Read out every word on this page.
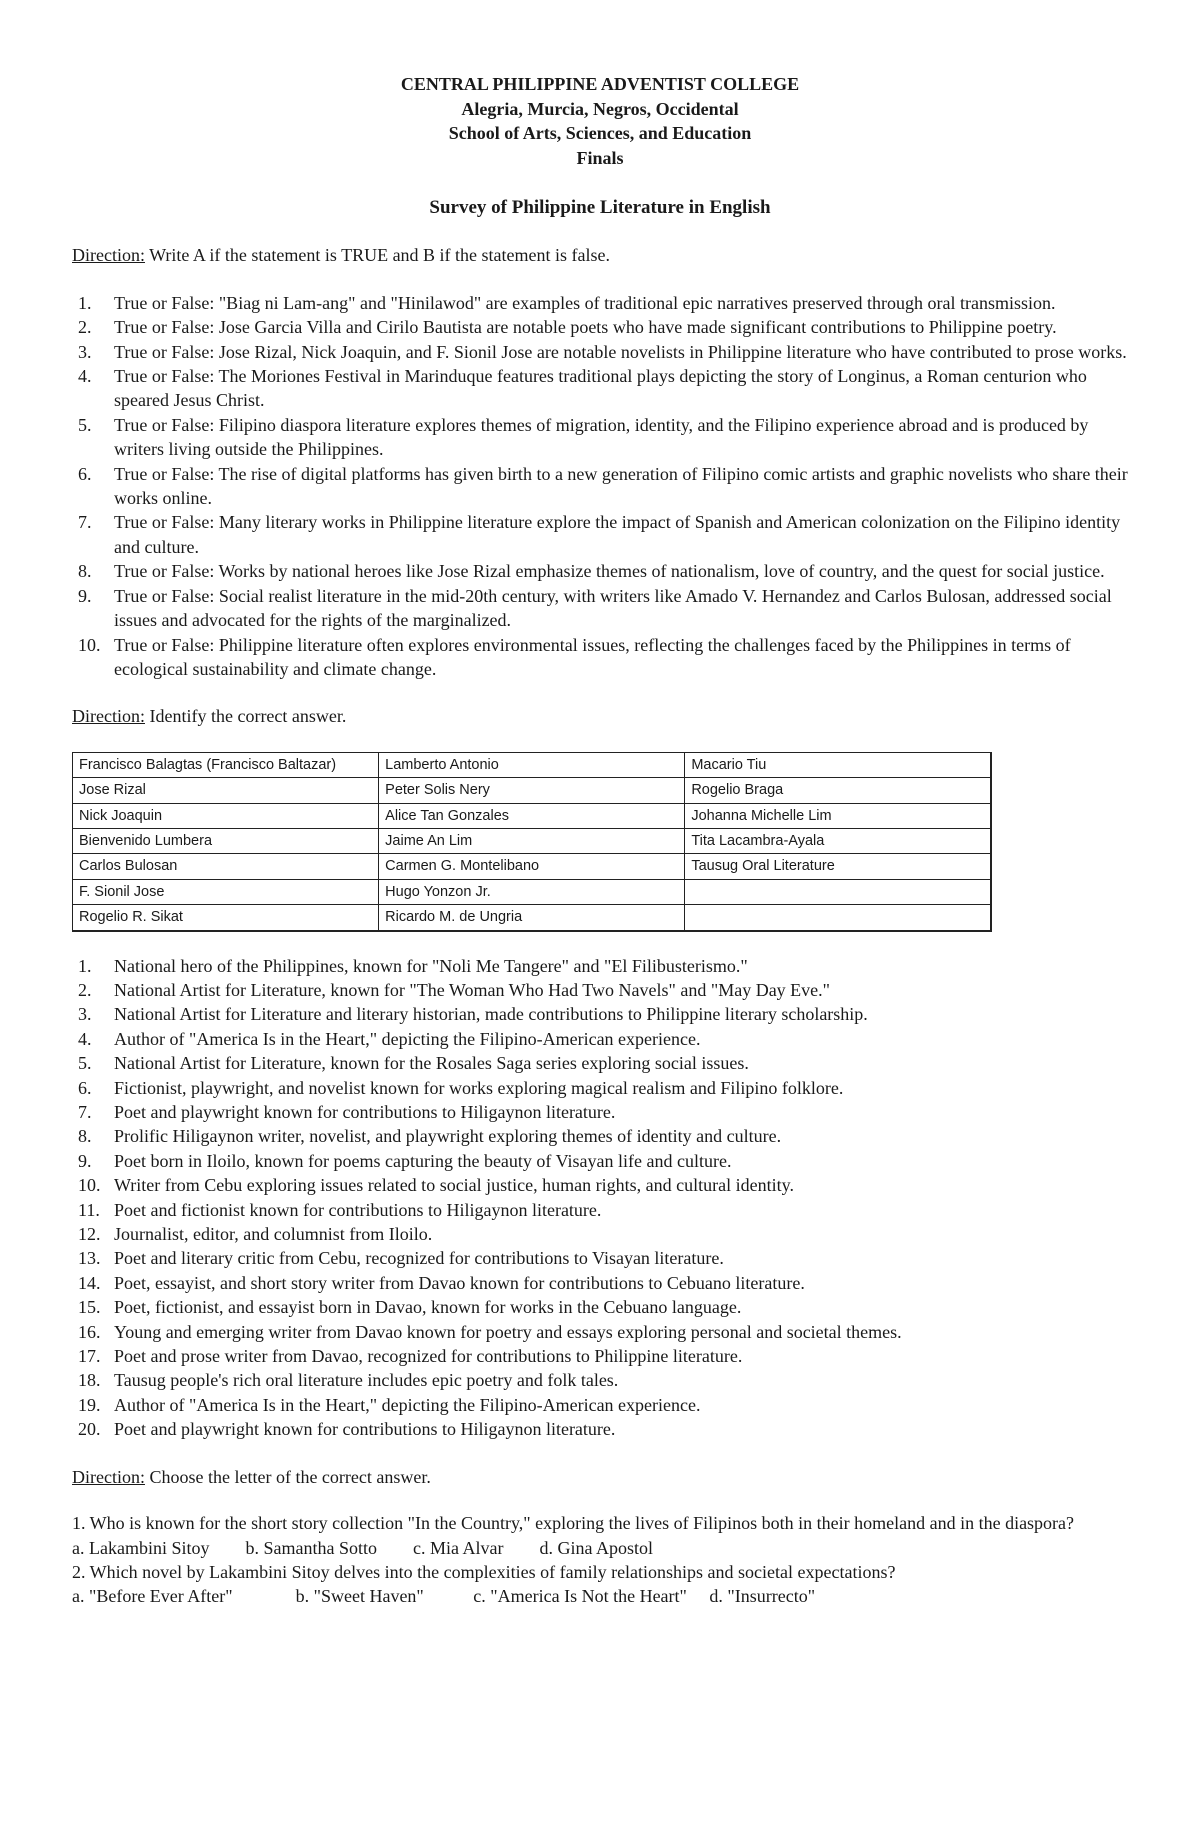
CENTRAL PHILIPPINE ADVENTIST COLLEGE
Alegria, Murcia, Negros, Occidental
School of Arts, Sciences, and Education
Finals
Survey of Philippine Literature in English
Direction: Write A if the statement is TRUE and B if the statement is false.
1. True or False: "Biag ni Lam-ang" and "Hinilawod" are examples of traditional epic narratives preserved through oral transmission.
2. True or False: Jose Garcia Villa and Cirilo Bautista are notable poets who have made significant contributions to Philippine poetry.
3. True or False: Jose Rizal, Nick Joaquin, and F. Sionil Jose are notable novelists in Philippine literature who have contributed to prose works.
4. True or False: The Moriones Festival in Marinduque features traditional plays depicting the story of Longinus, a Roman centurion who speared Jesus Christ.
5. True or False: Filipino diaspora literature explores themes of migration, identity, and the Filipino experience abroad and is produced by writers living outside the Philippines.
6. True or False: The rise of digital platforms has given birth to a new generation of Filipino comic artists and graphic novelists who share their works online.
7. True or False: Many literary works in Philippine literature explore the impact of Spanish and American colonization on the Filipino identity and culture.
8. True or False: Works by national heroes like Jose Rizal emphasize themes of nationalism, love of country, and the quest for social justice.
9. True or False: Social realist literature in the mid-20th century, with writers like Amado V. Hernandez and Carlos Bulosan, addressed social issues and advocated for the rights of the marginalized.
10. True or False: Philippine literature often explores environmental issues, reflecting the challenges faced by the Philippines in terms of ecological sustainability and climate change.
Direction: Identify the correct answer.
Francisco Balagtas (Francisco Baltazar)	Lamberto Antonio	Macario Tiu
Jose Rizal	Peter Solis Nery	Rogelio Braga
Nick Joaquin	Alice Tan Gonzales	Johanna Michelle Lim
Bienvenido Lumbera	Jaime An Lim	Tita Lacambra-Ayala
Carlos Bulosan	Carmen G. Montelibano	Tausug Oral Literature
F. Sionil Jose	Hugo Yonzon Jr.	
Rogelio R. Sikat	Ricardo M. de Ungria	
1. National hero of the Philippines, known for "Noli Me Tangere" and "El Filibusterismo."
2. National Artist for Literature, known for "The Woman Who Had Two Navels" and "May Day Eve."
3. National Artist for Literature and literary historian, made contributions to Philippine literary scholarship.
4. Author of "America Is in the Heart," depicting the Filipino-American experience.
5. National Artist for Literature, known for the Rosales Saga series exploring social issues.
6. Fictionist, playwright, and novelist known for works exploring magical realism and Filipino folklore.
7. Poet and playwright known for contributions to Hiligaynon literature.
8. Prolific Hiligaynon writer, novelist, and playwright exploring themes of identity and culture.
9. Poet born in Iloilo, known for poems capturing the beauty of Visayan life and culture.
10. Writer from Cebu exploring issues related to social justice, human rights, and cultural identity.
11. Poet and fictionist known for contributions to Hiligaynon literature.
12. Journalist, editor, and columnist from Iloilo.
13. Poet and literary critic from Cebu, recognized for contributions to Visayan literature.
14. Poet, essayist, and short story writer from Davao known for contributions to Cebuano literature.
15. Poet, fictionist, and essayist born in Davao, known for works in the Cebuano language.
16. Young and emerging writer from Davao known for poetry and essays exploring personal and societal themes.
17. Poet and prose writer from Davao, recognized for contributions to Philippine literature.
18. Tausug people's rich oral literature includes epic poetry and folk tales.
19. Author of "America Is in the Heart," depicting the Filipino-American experience.
20. Poet and playwright known for contributions to Hiligaynon literature.
Direction: Choose the letter of the correct answer.
1. Who is known for the short story collection "In the Country," exploring the lives of Filipinos both in their homeland and in the diaspora?
a. Lakambini Sitoy        b. Samantha Sotto        c. Mia Alvar        d. Gina Apostol
2. Which novel by Lakambini Sitoy delves into the complexities of family relationships and societal expectations?
a. "Before Ever After"              b. "Sweet Haven"           c. "America Is Not the Heart"     d. "Insurrecto"
